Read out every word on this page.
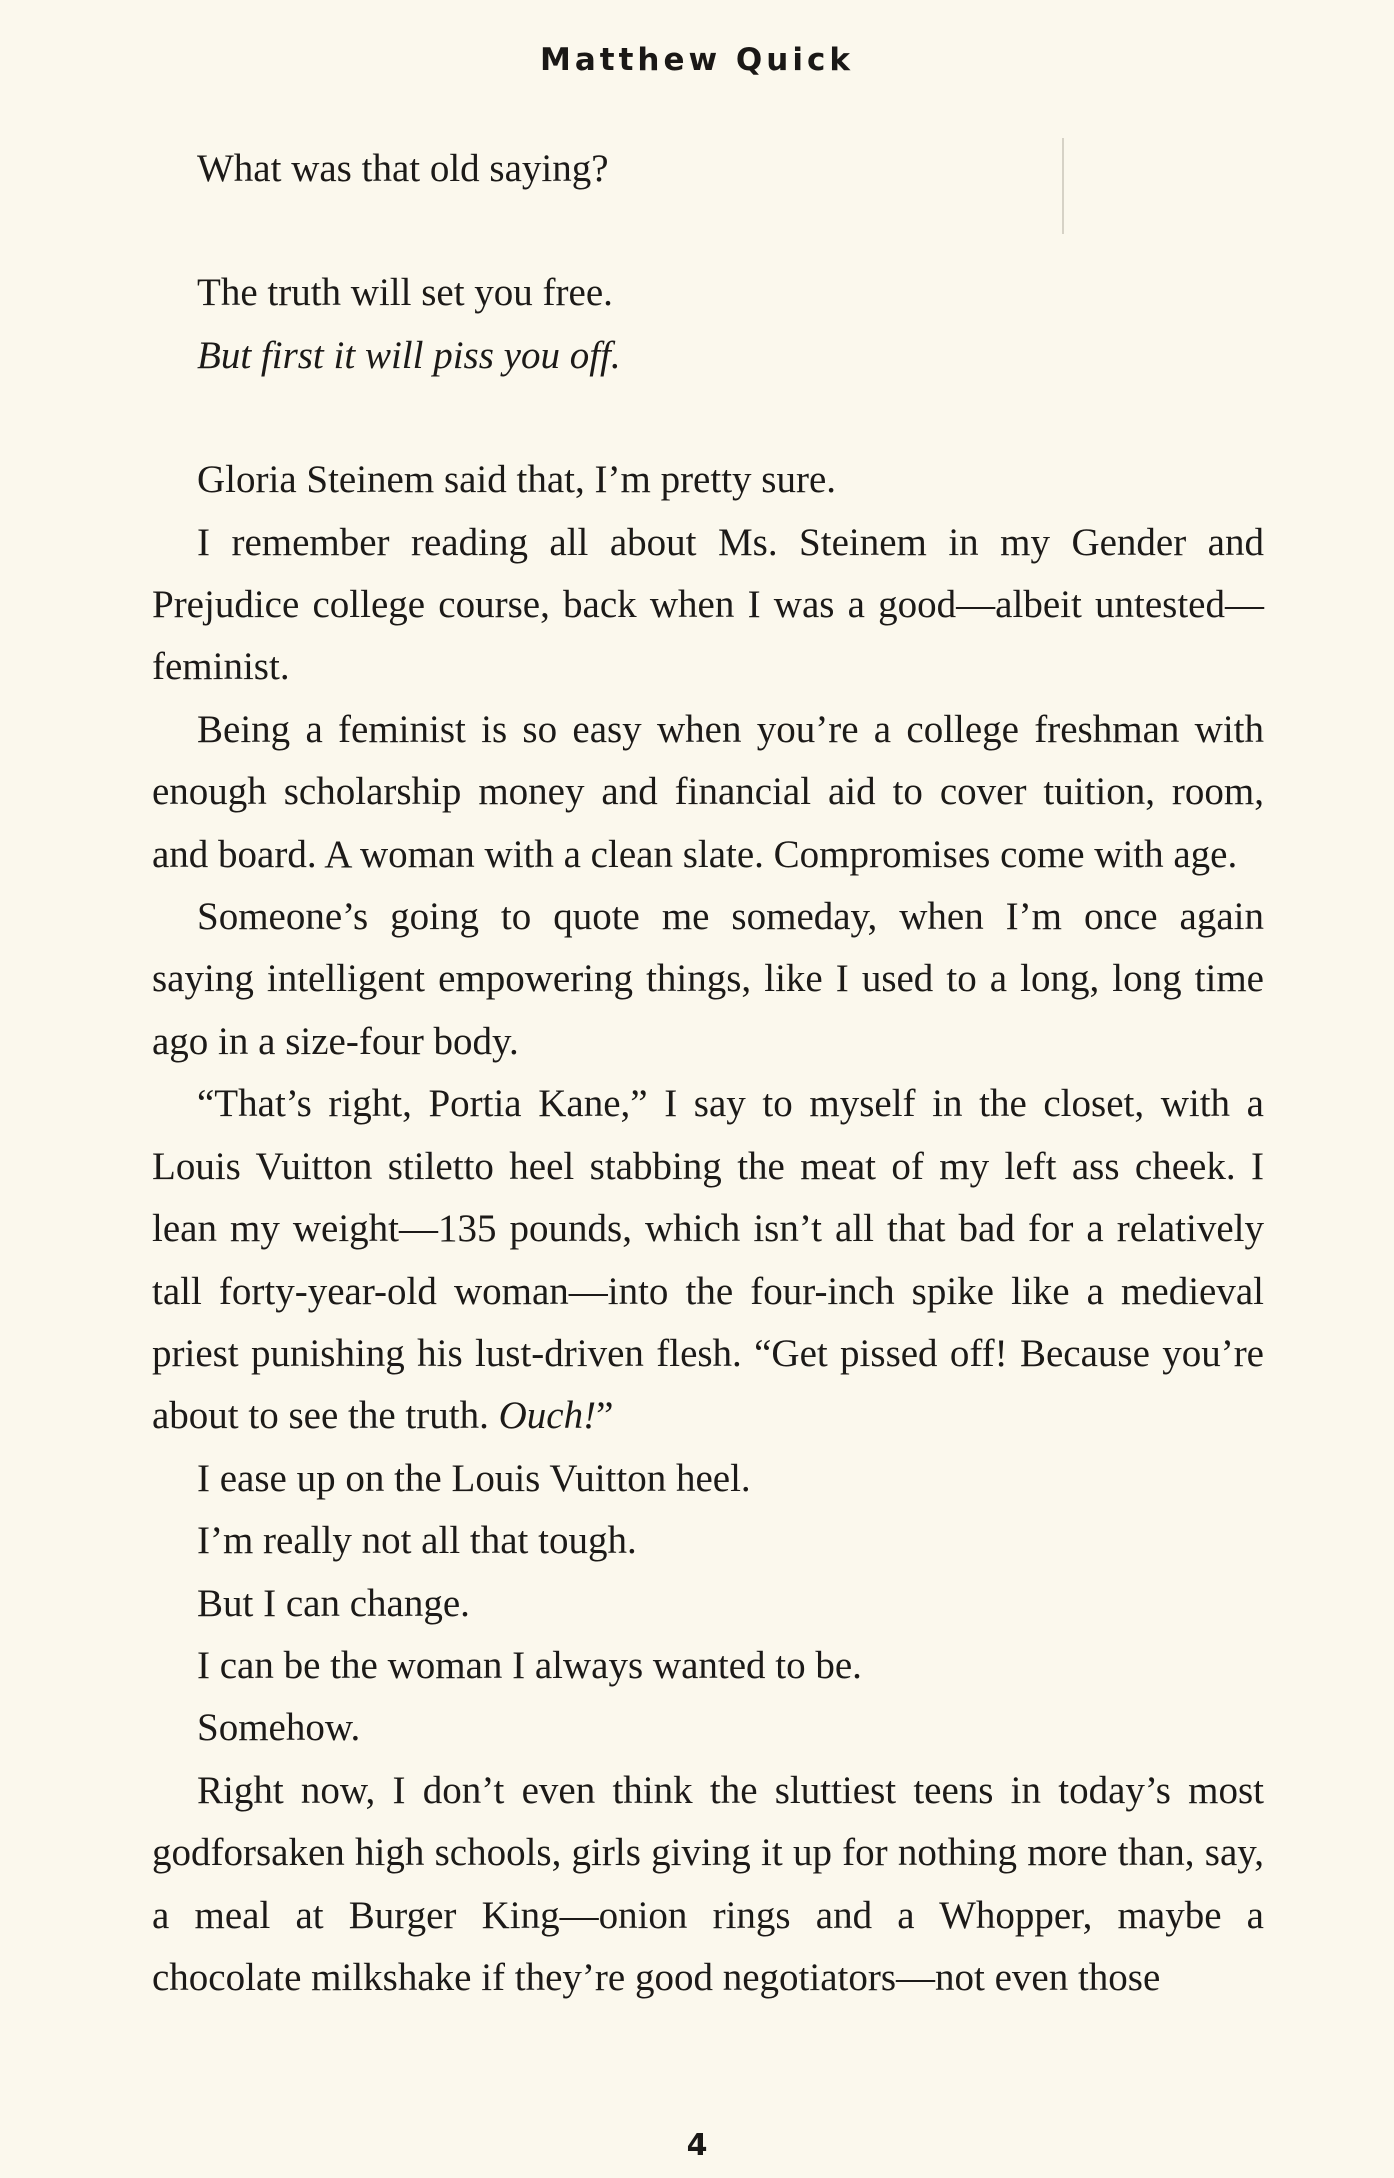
Matthew Quick

What was that old saying?

The truth will set you free.

But first it will piss you off.

Gloria Steinem said that, I’m pretty sure.

I remember reading all about Ms. Steinem in my Gender and Prejudice college course, back when I was a good—albeit untested—feminist.

Being a feminist is so easy when you’re a college freshman with enough scholarship money and financial aid to cover tuition, room, and board. A woman with a clean slate. Compromises come with age.

Someone’s going to quote me someday, when I’m once again saying intelligent empowering things, like I used to a long, long time ago in a size-four body.

“That’s right, Portia Kane,” I say to myself in the closet, with a Louis Vuitton stiletto heel stabbing the meat of my left ass cheek. I lean my weight—135 pounds, which isn’t all that bad for a relatively tall forty-year-old woman—into the four-inch spike like a medieval priest punishing his lust-driven flesh. “Get pissed off! Because you’re about to see the truth. Ouch!”

I ease up on the Louis Vuitton heel.

I’m really not all that tough.

But I can change.

I can be the woman I always wanted to be.

Somehow.

Right now, I don’t even think the sluttiest teens in today’s most godforsaken high schools, girls giving it up for nothing more than, say, a meal at Burger King—onion rings and a Whopper, maybe a chocolate milkshake if they’re good negotiators—not even those

4
